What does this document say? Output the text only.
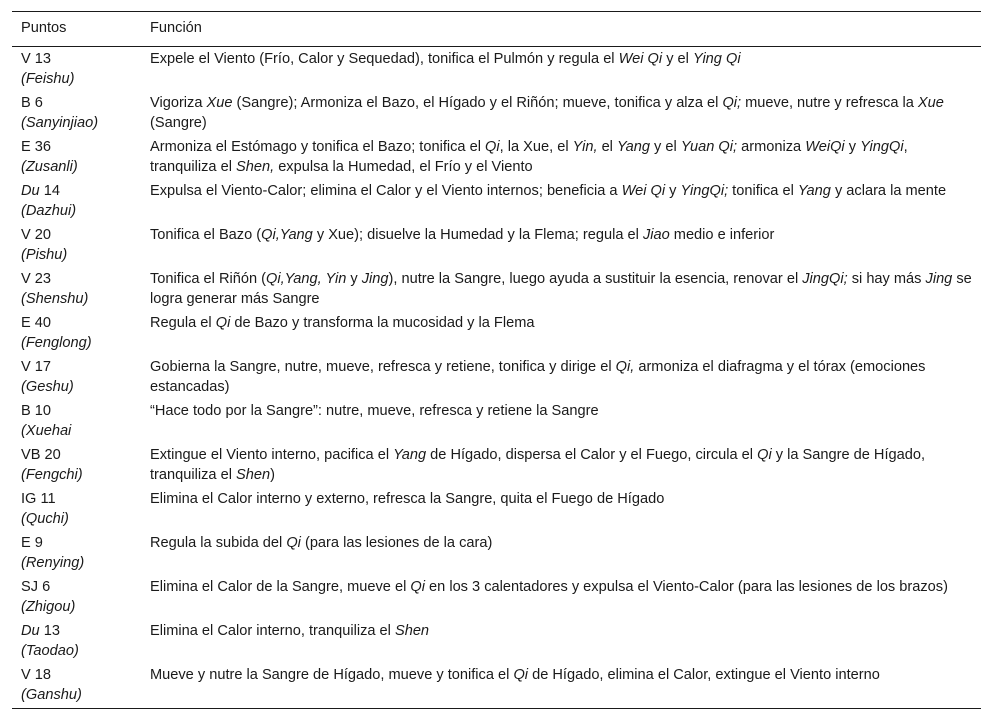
Puntos	Función

V 13
(Feishu)	Expele el Viento (Frío, Calor y Sequedad), tonifica el Pulmón y regula el Wei Qi y el Ying Qi

B 6
(Sanyinjiao)	Vigoriza Xue (Sangre); Armoniza el Bazo, el Hígado y el Riñón; mueve, tonifica y alza el Qi; mueve, nutre y refresca la Xue (Sangre)

E 36
(Zusanli)	Armoniza el Estómago y tonifica el Bazo; tonifica el Qi, la Xue, el Yin, el Yang y el Yuan Qi; armoniza WeiQi y YingQi, tranquiliza el Shen, expulsa la Humedad, el Frío y el Viento

Du 14
(Dazhui)	Expulsa el Viento-Calor; elimina el Calor y el Viento internos; beneficia a Wei Qi y YingQi; tonifica el Yang y aclara la mente

V 20
(Pishu)	Tonifica el Bazo (Qi,Yang y Xue); disuelve la Humedad y la Flema; regula el Jiao medio e inferior

V 23
(Shenshu)	Tonifica el Riñón (Qi,Yang, Yin y Jing), nutre la Sangre, luego ayuda a sustituir la esencia, renovar el JingQi; si hay más Jing se logra generar más Sangre

E 40
(Fenglong)	Regula el Qi de Bazo y transforma la mucosidad y la Flema

V 17
(Geshu)	Gobierna la Sangre, nutre, mueve, refresca y retiene, tonifica y dirige el Qi, armoniza el diafragma y el tórax (emociones estancadas)

B 10
(Xuehai	“Hace todo por la Sangre”: nutre, mueve, refresca y retiene la Sangre

VB 20
(Fengchi)	Extingue el Viento interno, pacifica el Yang de Hígado, dispersa el Calor y el Fuego, circula el Qi y la Sangre de Hígado, tranquiliza el Shen)

IG 11
(Quchi)	Elimina el Calor interno y externo, refresca la Sangre, quita el Fuego de Hígado

E 9
(Renying)	Regula la subida del Qi (para las lesiones de la cara)

SJ 6
(Zhigou)	Elimina el Calor de la Sangre, mueve el Qi en los 3 calentadores y expulsa el Viento-Calor (para las lesiones de los brazos)

Du 13
(Taodao)	Elimina el Calor interno, tranquiliza el Shen

V 18
(Ganshu)	Mueve y nutre la Sangre de Hígado, mueve y tonifica el Qi de Hígado, elimina el Calor, extingue el Viento interno
